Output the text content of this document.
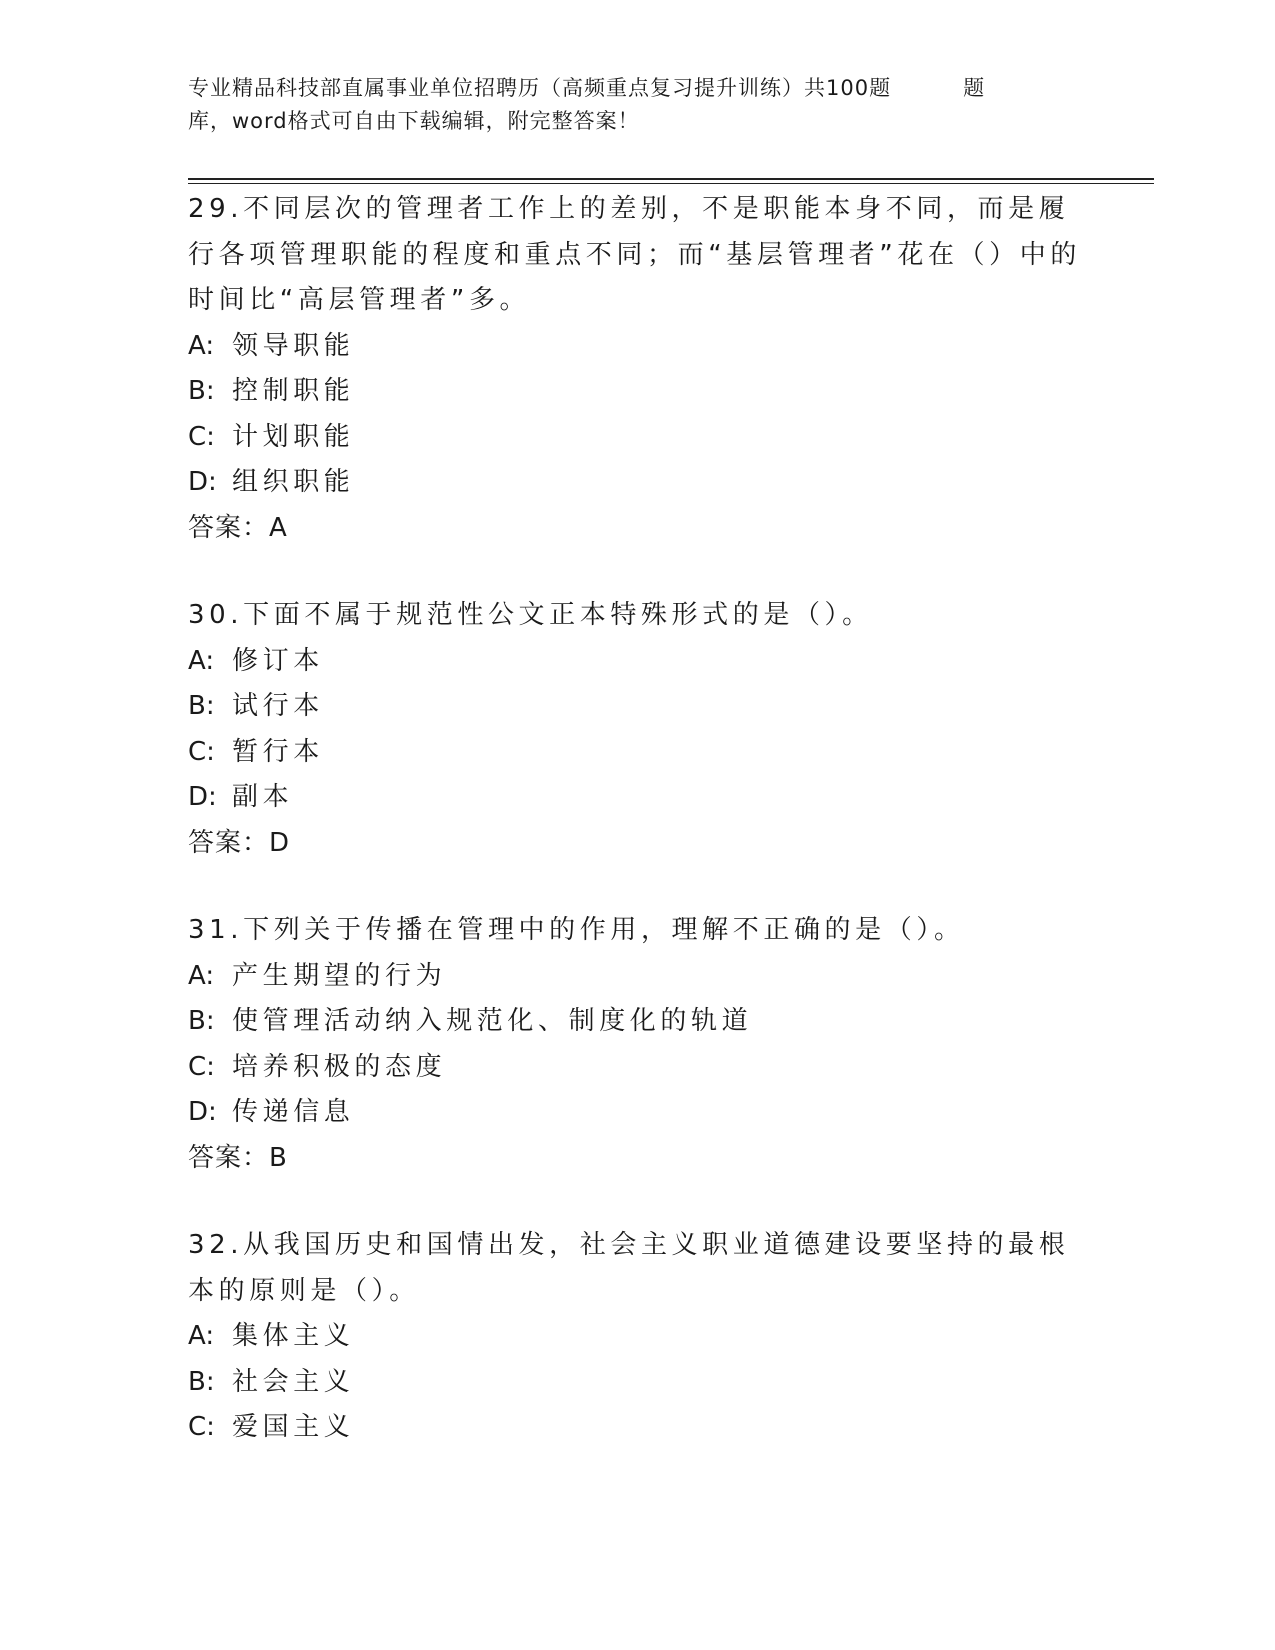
专业精品科技部直属事业单位招聘历（高频重点复习提升训练）共100题	题
库，word格式可自由下载编辑，附完整答案！

29.不同层次的管理者工作上的差别，不是职能本身不同，而是履行各项管理职能的程度和重点不同；而“基层管理者”花在（）中的时间比“高层管理者”多。

A: 领导职能

B: 控制职能

C: 计划职能

D: 组织职能

答案：A

30.下面不属于规范性公文正本特殊形式的是（）。

A: 修订本

B: 试行本

C: 暂行本

D: 副本

答案：D

31.下列关于传播在管理中的作用，理解不正确的是（）。

A: 产生期望的行为

B: 使管理活动纳入规范化、制度化的轨道

C: 培养积极的态度

D: 传递信息

答案：B

32.从我国历史和国情出发，社会主义职业道德建设要坚持的最根本的原则是（）。

A: 集体主义

B: 社会主义

C: 爱国主义
